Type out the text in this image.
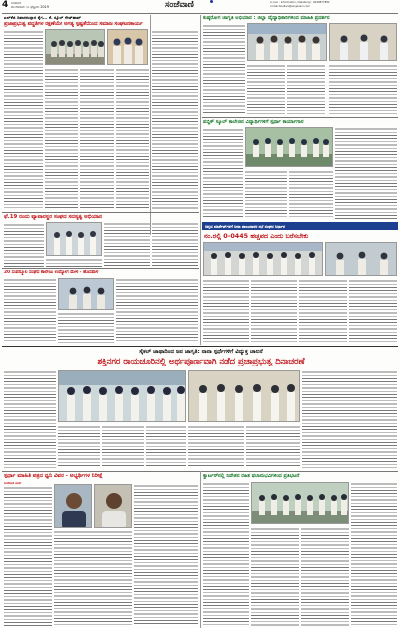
4 ಸಂಜೆವಾಣಿ
ಮಂಗಳವಾರ ೧೭ ಫೆಬ್ರವರಿ 2019	ಸಂಜೆವಾಣಿ	ಕಲಬುರಗಿ : Information / Kalaburgi : 9448877882
contact.ballari@sanjevani.com
ಎಲ್‌ಕೆಜಿ ದಿವಾಕಿರುದ್ದಾರ ಕೈಗ... ಕೆ. ಸ್ಕೂಲ್ ಗೇಟ್‌ಹಾಟ್
ಪ್ರಜಾಪ್ರಭುತ್ವ ಪದ್ಧತಿಗಳ ರಕ್ಷಣೆಯೇ ಅಗತ್ಯ ಸ್ಪಷ್ಟತೆಯಿಂದ ಸಮಾಜ ಸಂಘಟನಕಾರ್ಯ
ಕುಷ್ಠರೋಗ ಜಾಗೃತಿ ಅಭಿಯಾನ : ಜಿಲ್ಲಾ ವೈದ್ಯಾಧಿಕಾರಿಗಳಿಂದ ಮಾಹಿತಿ ಪ್ರದರ್ಶನ
ಪಬ್ಲಿಕ್ ಸ್ಕೂಲ್ ಕಾಲೇಜಿನ ವಿದ್ಯಾರ್ಥಿಗಳಿಗೆ ಸ್ಪರ್ಧಾ ಕಾರ್ಯಾಗಾರ
ಫೆ.19 ರಂದು ವ್ಯಾಪಾರಸ್ಥರ ಸಂಘದ ಸದಸ್ಯತ್ವ ಅಭಿಯಾನ
20 ಸಂಪನ್ಮೂಲ ಸಂಘದ ಕಾಲೇಜು ಉದ್ಯೋಗ ಮೇಳ - ಹೊಸಪಾಳ
ಚಿನ್ನದ ಮಾರ್ಕೆಟ್‌ಗಳಿಗೆ ನೀರಾ ಪಾಲುದಾರರ ಸಭೆ ಸಂಘದ ನಿರ್ಧಾರ
ನಂ.ರಲ್ಲಿ 0-0445 ಹಚ್ಚಪದ ಎಂದು ಬರೆಸಬೇಕು
ಸೈಕಲ್ ಜಾಥಾದಿಂದ ಜನ ಜಾಗೃತಿ: ನಾನಾ ಸ್ಪರ್ಧೆಗಳಿಗೆ ವಿದ್ಯುಕ್ತ ಚಾಲನೆ
ಶಕ್ತಿನಗರ ರಾಯಚೂರಿನಲ್ಲಿ ಅರ್ಥಪೂರ್ಣವಾಗಿ ನಡೆದ ಪ್ರಜಾಪ್ರಭುತ್ವ ದಿನಾಚರಣೆ
ಸ್ಪರ್ಧಾ ಮಾಹಿತಿ ಪತ್ರದ ಧ್ವನಿ ವಿವರ - ಅಭ್ಯರ್ಥಿಗಳ ನಿರೀಕ್ಷೆ
ಸಂಜೆವಾಣಿ ವಾರ್ತೆ
ಕ್ವಾರ್ಟರ್‌ನಲ್ಲಿ ನಿವೇಶನ ರಹಿತ ಫಲಾನುಭವಿಗಳಿಂದ ಪ್ರತಿಭಟನೆ
